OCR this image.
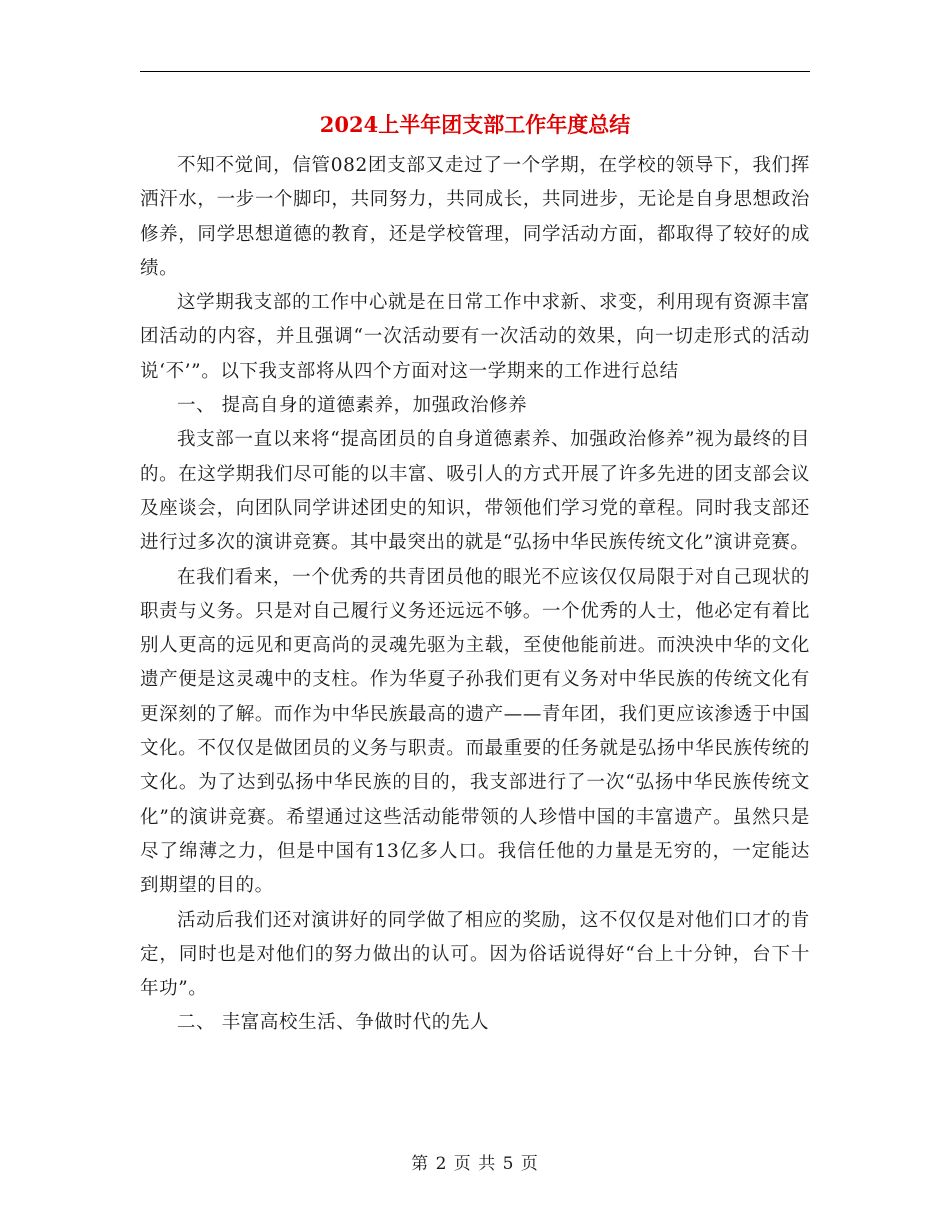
2024上半年团支部工作年度总结

不知不觉间，信管082团支部又走过了一个学期，在学校的领导下，我们挥洒汗水，一步一个脚印，共同努力，共同成长，共同进步，无论是自身思想政治修养，同学思想道德的教育，还是学校管理，同学活动方面，都取得了较好的成绩。

这学期我支部的工作中心就是在日常工作中求新、求变，利用现有资源丰富团活动的内容，并且强调“一次活动要有一次活动的效果，向一切走形式的活动说‘不’”。以下我支部将从四个方面对这一学期来的工作进行总结

一、 提高自身的道德素养，加强政治修养

我支部一直以来将“提高团员的自身道德素养、加强政治修养”视为最终的目的。在这学期我们尽可能的以丰富、吸引人的方式开展了许多先进的团支部会议及座谈会，向团队同学讲述团史的知识，带领他们学习党的章程。同时我支部还进行过多次的演讲竞赛。其中最突出的就是“弘扬中华民族传统文化”演讲竞赛。

在我们看来，一个优秀的共青团员他的眼光不应该仅仅局限于对自己现状的职责与义务。只是对自己履行义务还远远不够。一个优秀的人士，他必定有着比别人更高的远见和更高尚的灵魂先驱为主载，至使他能前进。而泱泱中华的文化遗产便是这灵魂中的支柱。作为华夏子孙我们更有义务对中华民族的传统文化有更深刻的了解。而作为中华民族最高的遗产——青年团，我们更应该渗透于中国文化。不仅仅是做团员的义务与职责。而最重要的任务就是弘扬中华民族传统的文化。为了达到弘扬中华民族的目的，我支部进行了一次“弘扬中华民族传统文化”的演讲竞赛。希望通过这些活动能带领的人珍惜中国的丰富遗产。虽然只是尽了绵薄之力，但是中国有13亿多人口。我信任他的力量是无穷的，一定能达到期望的目的。

活动后我们还对演讲好的同学做了相应的奖励，这不仅仅是对他们口才的肯定，同时也是对他们的努力做出的认可。因为俗话说得好“台上十分钟，台下十年功”。

二、 丰富高校生活、争做时代的先人

第 2 页 共 5 页
